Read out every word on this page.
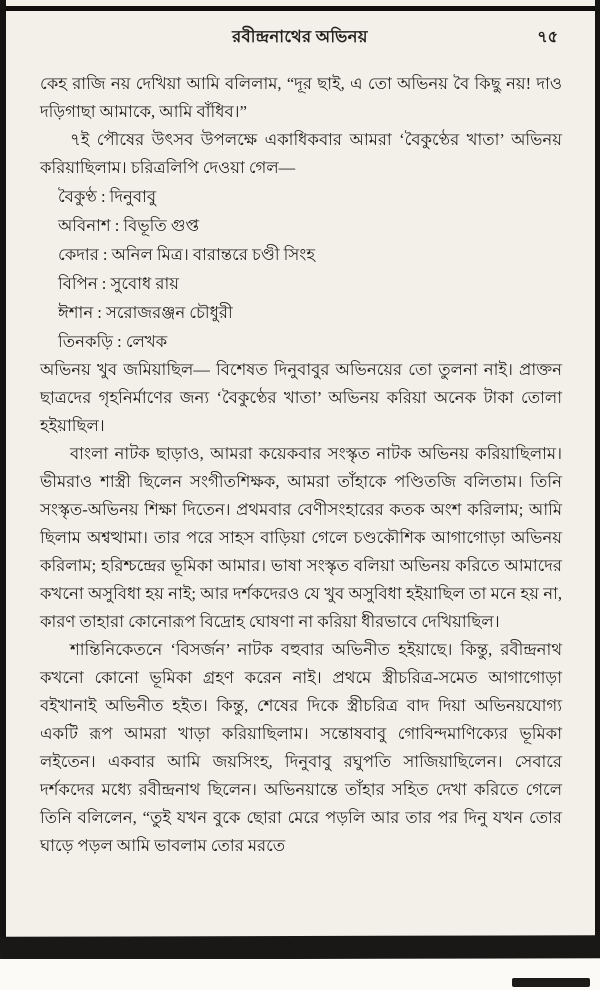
রবীন্দ্রনাথের অভিনয়	৭৫

কেহ রাজি নয় দেখিয়া আমি বলিলাম, “দূর ছাই, এ তো অভিনয় বৈ কিছু নয়! দাও দড়িগাছা আমাকে, আমি বাঁধিব।”

৭ই পৌষের উৎসব উপলক্ষে একাধিকবার আমরা ‘বৈকুণ্ঠের খাতা’ অভিনয় করিয়াছিলাম। চরিত্রলিপি দেওয়া গেল—

বৈকুণ্ঠ : দিনুবাবু
অবিনাশ : বিভূতি গুপ্ত
কেদার : অনিল মিত্র। বারান্তরে চণ্ডী সিংহ
বিপিন : সুবোধ রায়
ঈশান : সরোজরঞ্জন চৌধুরী
তিনকড়ি : লেখক

অভিনয় খুব জমিয়াছিল— বিশেষত দিনুবাবুর অভিনয়ের তো তুলনা নাই। প্রাক্তন ছাত্রদের গৃহনির্মাণের জন্য ‘বৈকুণ্ঠের খাতা’ অভিনয় করিয়া অনেক টাকা তোলা হইয়াছিল।

বাংলা নাটক ছাড়াও, আমরা কয়েকবার সংস্কৃত নাটক অভিনয় করিয়াছিলাম। ভীমরাও শাস্ত্রী ছিলেন সংগীতশিক্ষক, আমরা তাঁহাকে পণ্ডিতজি বলিতাম। তিনি সংস্কৃত-অভিনয় শিক্ষা দিতেন। প্রথমবার বেণীসংহারের কতক অংশ করিলাম; আমি ছিলাম অশ্বত্থামা। তার পরে সাহস বাড়িয়া গেলে চণ্ডকৌশিক আগাগোড়া অভিনয় করিলাম; হরিশ্চন্দ্রের ভূমিকা আমার। ভাষা সংস্কৃত বলিয়া অভিনয় করিতে আমাদের কখনো অসুবিধা হয় নাই; আর দর্শকদেরও যে খুব অসুবিধা হইয়াছিল তা মনে হয় না, কারণ তাহারা কোনোরূপ বিদ্রোহ ঘোষণা না করিয়া ধীরভাবে দেখিয়াছিল।

শান্তিনিকেতনে ‘বিসর্জন’ নাটক বহুবার অভিনীত হইয়াছে। কিন্তু, রবীন্দ্রনাথ কখনো কোনো ভূমিকা গ্রহণ করেন নাই। প্রথমে স্ত্রীচরিত্র-সমেত আগাগোড়া বইখানাই অভিনীত হইত। কিন্তু, শেষের দিকে স্ত্রীচরিত্র বাদ দিয়া অভিনয়যোগ্য একটি রূপ আমরা খাড়া করিয়াছিলাম। সন্তোষবাবু গোবিন্দমাণিক্যের ভূমিকা লইতেন। একবার আমি জয়সিংহ, দিনুবাবু রঘুপতি সাজিয়াছিলেন। সেবারে দর্শকদের মধ্যে রবীন্দ্রনাথ ছিলেন। অভিনয়ান্তে তাঁহার সহিত দেখা করিতে গেলে তিনি বলিলেন, “তুই যখন বুকে ছোরা মেরে পড়লি আর তার পর দিনু যখন তোর ঘাড়ে পড়ল আমি ভাবলাম তোর মরতে
